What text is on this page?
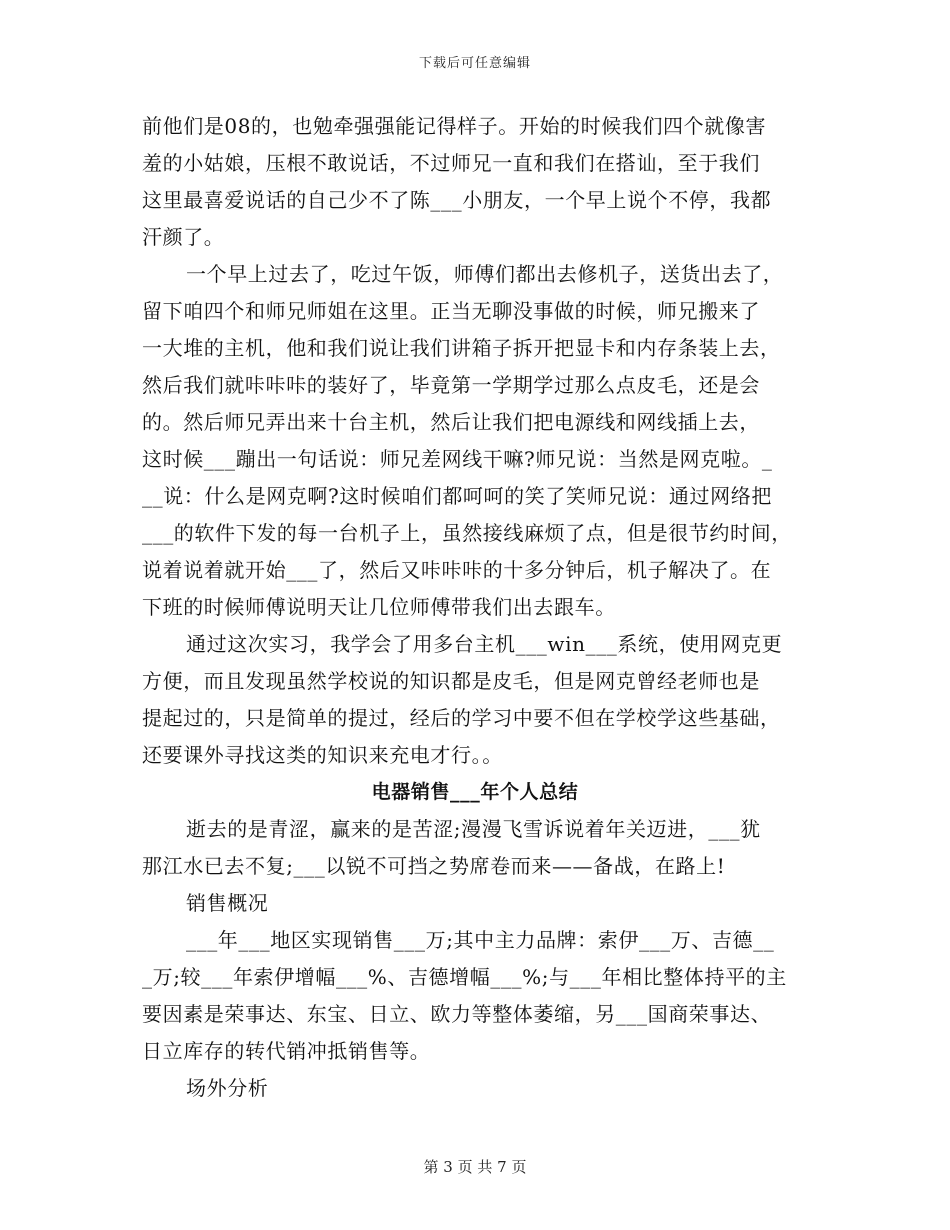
下载后可任意编辑
前他们是08的，也勉牵强强能记得样子。开始的时候我们四个就像害
羞的小姑娘，压根不敢说话，不过师兄一直和我们在搭讪，至于我们
这里最喜爱说话的自己少不了陈___小朋友，一个早上说个不停，我都
汗颜了。
一个早上过去了，吃过午饭，师傅们都出去修机子，送货出去了，
留下咱四个和师兄师姐在这里。正当无聊没事做的时候，师兄搬来了
一大堆的主机，他和我们说让我们讲箱子拆开把显卡和内存条装上去，
然后我们就咔咔咔的装好了，毕竟第一学期学过那么点皮毛，还是会
的。然后师兄弄出来十台主机，然后让我们把电源线和网线插上去，
这时候___蹦出一句话说：师兄差网线干嘛?师兄说：当然是网克啦。_
__说：什么是网克啊?这时候咱们都呵呵的笑了笑师兄说：通过网络把
___的软件下发的每一台机子上，虽然接线麻烦了点，但是很节约时间，
说着说着就开始___了，然后又咔咔咔的十多分钟后，机子解决了。在
下班的时候师傅说明天让几位师傅带我们出去跟车。
通过这次实习，我学会了用多台主机___win___系统，使用网克更
方便，而且发现虽然学校说的知识都是皮毛，但是网克曾经老师也是
提起过的，只是简单的提过，经后的学习中要不但在学校学这些基础，
还要课外寻找这类的知识来充电才行。。
电器销售___年个人总结
逝去的是青涩，赢来的是苦涩;漫漫飞雪诉说着年关迈进，___犹
那江水已去不复;___以锐不可挡之势席卷而来——备战，在路上!
销售概况
___年___地区实现销售___万;其中主力品牌：索伊___万、吉德__
_万;较___年索伊增幅___%、吉德增幅___%;与___年相比整体持平的主
要因素是荣事达、东宝、日立、欧力等整体萎缩，另___国商荣事达、
日立库存的转代销冲抵销售等。
场外分析
第 3 页 共 7 页
